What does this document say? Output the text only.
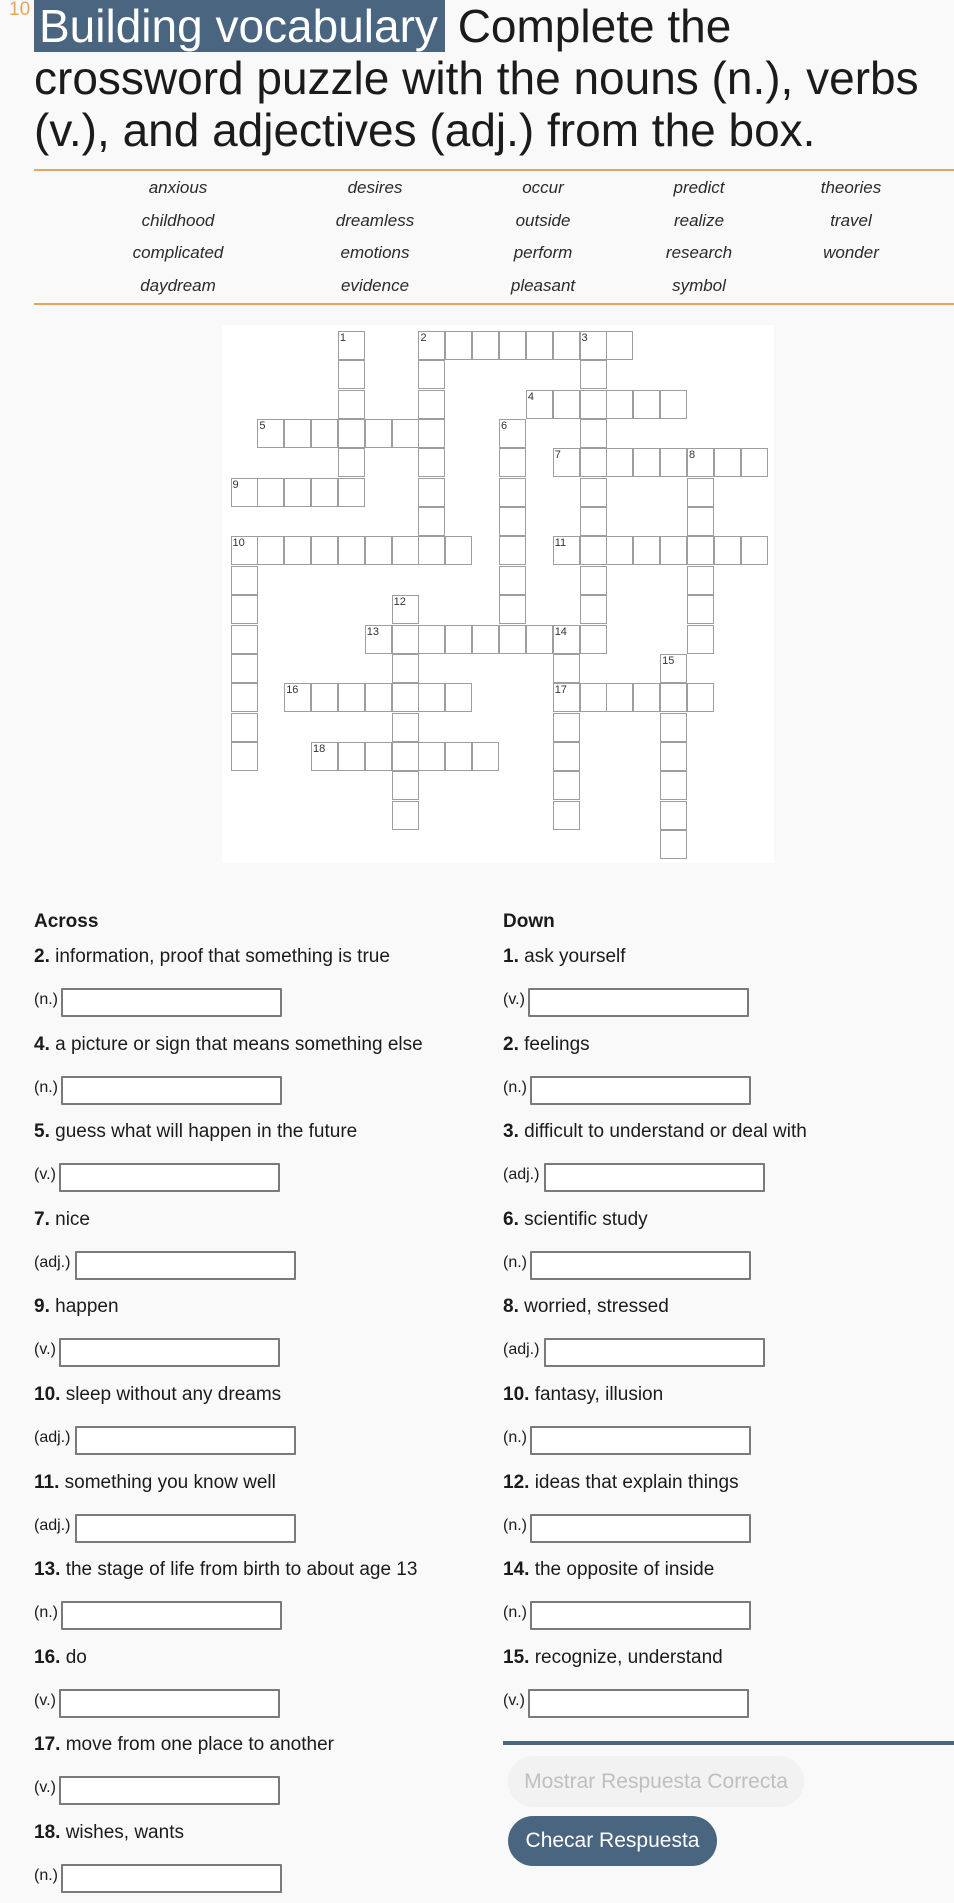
10 Building vocabulary Complete the crossword puzzle with the nouns (n.), verbs (v.), and adjectives (adj.) from the box.
anxious	desires	occur	predict	theories
childhood	dreamless	outside	realize	travel
complicated	emotions	perform	research	wonder
daydream	evidence	pleasant	symbol
1	2	3
4
5	6
7	8
9
10	11
12
13	14
15
16	17
18
Across	Down
2. information, proof that something is true
(n.)
4. a picture or sign that means something else
(n.)
5. guess what will happen in the future
(v.)
7. nice
(adj.)
9. happen
(v.)
10. sleep without any dreams
(adj.)
11. something you know well
(adj.)
13. the stage of life from birth to about age 13
(n.)
16. do
(v.)
17. move from one place to another
(v.)
18. wishes, wants
(n.)
1. ask yourself
(v.)
2. feelings
(n.)
3. difficult to understand or deal with
(adj.)
6. scientific study
(n.)
8. worried, stressed
(adj.)
10. fantasy, illusion
(n.)
12. ideas that explain things
(n.)
14. the opposite of inside
(n.)
15. recognize, understand
(v.)
Mostrar Respuesta Correcta
Checar Respuesta
